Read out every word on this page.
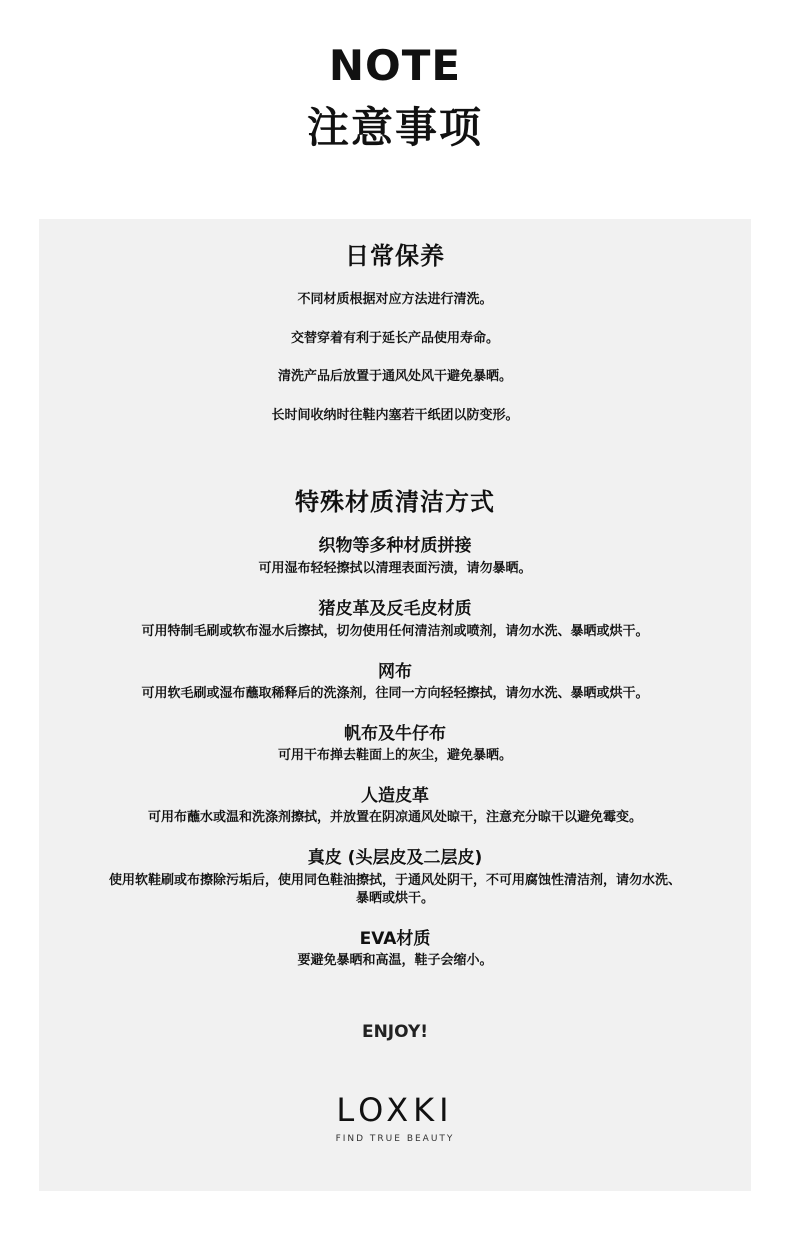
NOTE
注意事项
日常保养

不同材质根据对应方法进行清洗。

交替穿着有利于延长产品使用寿命。

清洗产品后放置于通风处风干避免暴晒。

长时间收纳时往鞋内塞若干纸团以防变形。

特殊材质清洁方式

织物等多种材质拼接

可用湿布轻轻擦拭以清理表面污渍，请勿暴晒。

猪皮革及反毛皮材质

可用特制毛刷或软布湿水后擦拭，切勿使用任何清洁剂或喷剂，请勿水洗、暴晒或烘干。

网布

可用软毛刷或湿布蘸取稀释后的洗涤剂，往同一方向轻轻擦拭，请勿水洗、暴晒或烘干。

帆布及牛仔布

可用干布掸去鞋面上的灰尘，避免暴晒。

人造皮革

可用布蘸水或温和洗涤剂擦拭，并放置在阴凉通风处晾干，注意充分晾干以避免霉变。

真皮 (头层皮及二层皮)

使用软鞋刷或布擦除污垢后，使用同色鞋油擦拭，于通风处阴干，不可用腐蚀性清洁剂，请勿水洗、

暴晒或烘干。

EVA材质

要避免暴晒和高温，鞋子会缩小。

ENJOY!
LOXKI
FIND TRUE BEAUTY
